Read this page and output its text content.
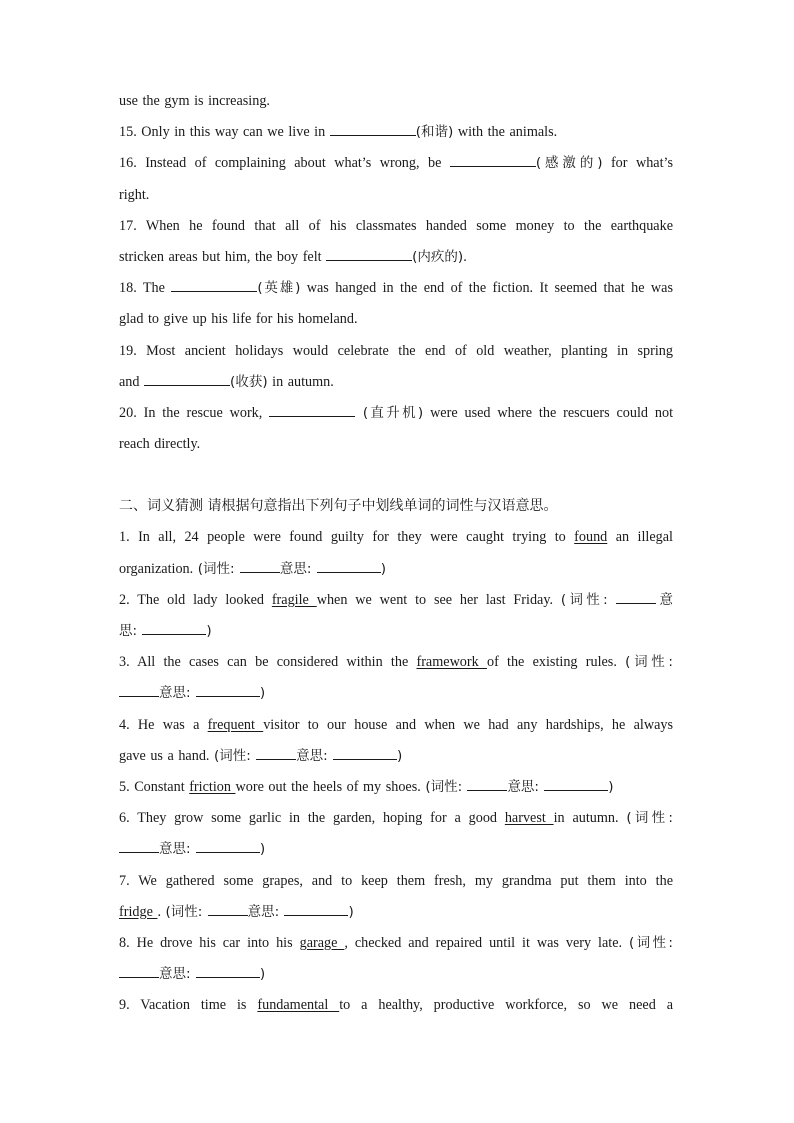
use the gym is increasing.
15. Only in this way can we live in	(和谐) with the animals.
16. Instead of complaining about what’s wrong, be	(感激的) for what’s
right.
17. When he found that all of his classmates handed some money to the earthquake
stricken areas but him, the boy felt	(内疚的).
18. The	(英雄) was hanged in the end of the fiction. It seemed that he was
glad to give up his life for his homeland.
19. Most ancient holidays would celebrate the end of old weather, planting in spring
and	(收获) in autumn.
20. In the rescue work,	(直升机) were used where the rescuers could not
reach directly.
二、词义猜测 请根据句意指出下列句子中划线单词的词性与汉语意思。
1. In all, 24 people were found guilty for they were caught trying to found an illegal
organization. (词性:	意思:	)
2. The old lady looked fragile when we went to see her last Friday. (词性:	意
思:	)
3. All the cases can be considered within the framework of the existing rules. (词性:
意思:	)
4. He was a frequent visitor to our house and when we had any hardships, he always
gave us a hand. (词性:	意思:	)
5. Constant friction wore out the heels of my shoes. (词性:	意思:	)
6. They grow some garlic in the garden, hoping for a good harvest in autumn. (词性:
意思:	)
7. We gathered some grapes, and to keep them fresh, my grandma put them into the
fridge . (词性:	意思:	)
8. He drove his car into his garage , checked and repaired until it was very late. (词性:
意思:	)
9. Vacation time is fundamental to a healthy, productive workforce, so we need a
